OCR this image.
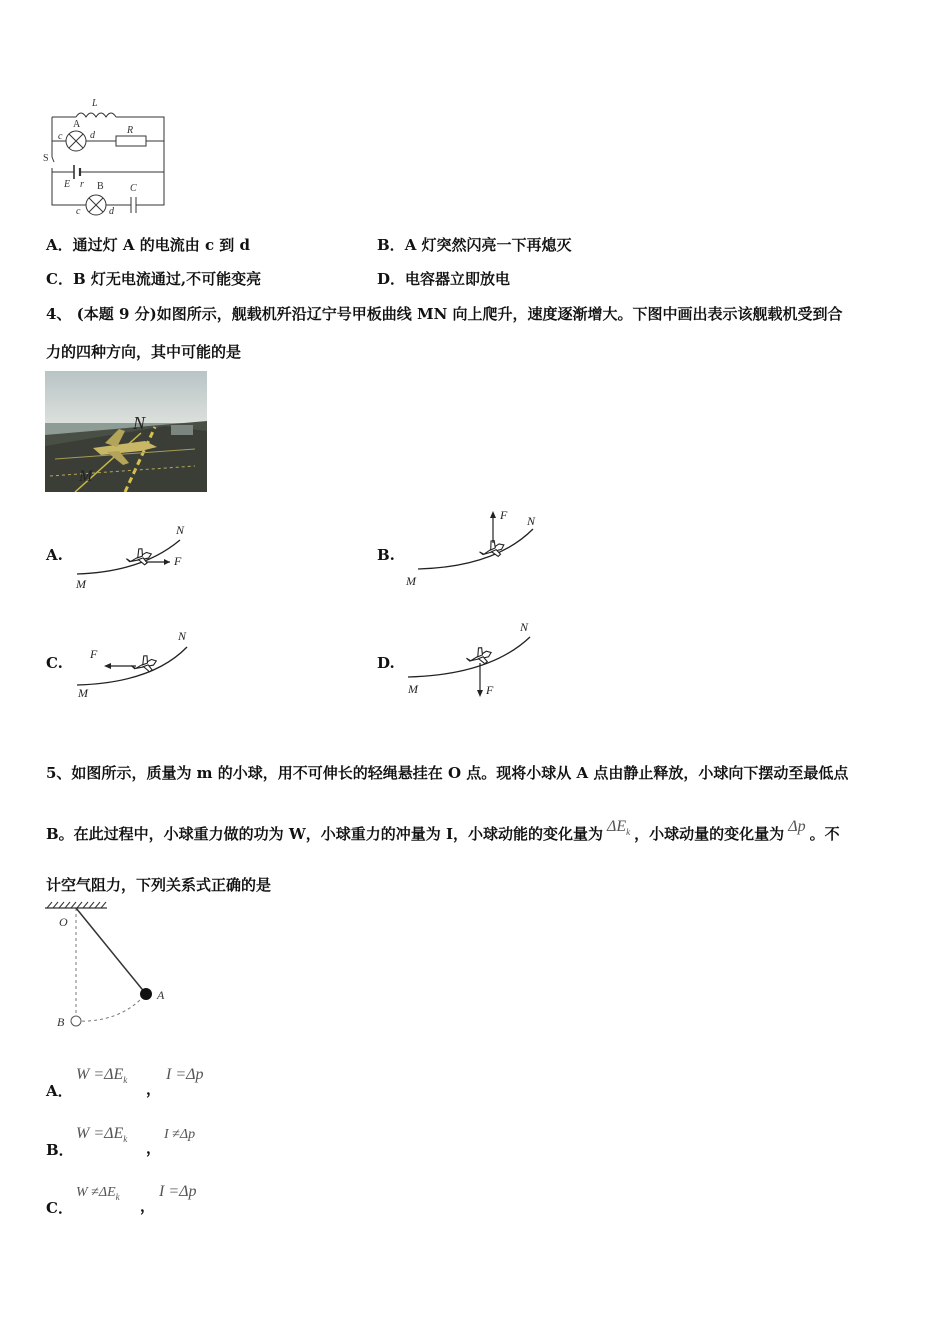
L
A
c	d	R
S
E r B	C
c	d
A．通过灯 A 的电流由 c 到 d	B．A 灯突然闪亮一下再熄灭
C．B 灯无电流通过,不可能变亮	D．电容器立即放电
4、 (本题 9 分)如图所示，舰载机歼沿辽宁号甲板曲线 MN 向上爬升，速度逐渐增大。下图中画出表示该舰载机受到合
力的四种方向，其中可能的是
N
M
A.
N
F
M
B.
F N
M
C.
N
F
M
D.
N
F
M
5、如图所示，质量为 m 的小球，用不可伸长的轻绳悬挂在 O 点。现将小球从 A 点由静止释放，小球向下摆动至最低点
B。在此过程中，小球重力做的功为 W，小球重力的冲量为 I，小球动能的变化量为 $\Delta E_k$ ，小球动量的变化量为 Δp 。不
计空气阻力，下列关系式正确的是
O
A
B
A．
$W =\Delta E_k$ ，
I =Δp
B．
$W =\Delta E_k$ ，
I ≠Δp
C．
$W \ne\Delta E_k$
，
I =Δp
